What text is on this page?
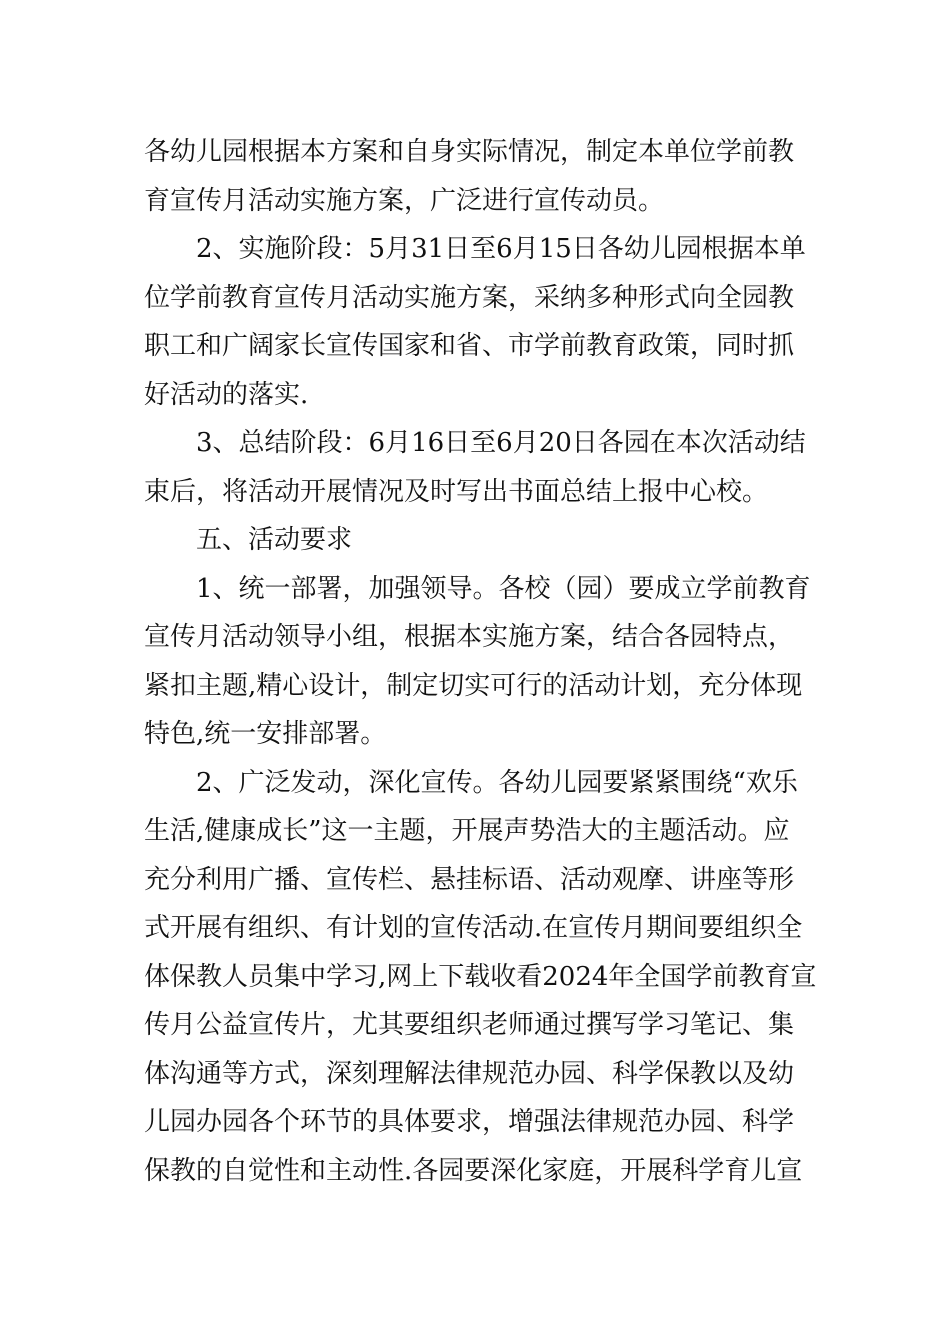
各幼儿园根据本方案和自身实际情况，制定本单位学前教
育宣传月活动实施方案，广泛进行宣传动员。
2、实施阶段：5月31日至6月15日各幼儿园根据本单
位学前教育宣传月活动实施方案，采纳多种形式向全园教
职工和广阔家长宣传国家和省、市学前教育政策，同时抓
好活动的落实.
3、总结阶段：6月16日至6月20日各园在本次活动结
束后，将活动开展情况及时写出书面总结上报中心校。
五、活动要求
1、统一部署，加强领导。各校（园）要成立学前教育
宣传月活动领导小组，根据本实施方案，结合各园特点，
紧扣主题,精心设计，制定切实可行的活动计划，充分体现
特色,统一安排部署。
2、广泛发动，深化宣传。各幼儿园要紧紧围绕“欢乐
生活,健康成长”这一主题，开展声势浩大的主题活动。应
充分利用广播、宣传栏、悬挂标语、活动观摩、讲座等形
式开展有组织、有计划的宣传活动.在宣传月期间要组织全
体保教人员集中学习,网上下载收看2024年全国学前教育宣
传月公益宣传片，尤其要组织老师通过撰写学习笔记、集
体沟通等方式，深刻理解法律规范办园、科学保教以及幼
儿园办园各个环节的具体要求，增强法律规范办园、科学
保教的自觉性和主动性.各园要深化家庭，开展科学育儿宣
